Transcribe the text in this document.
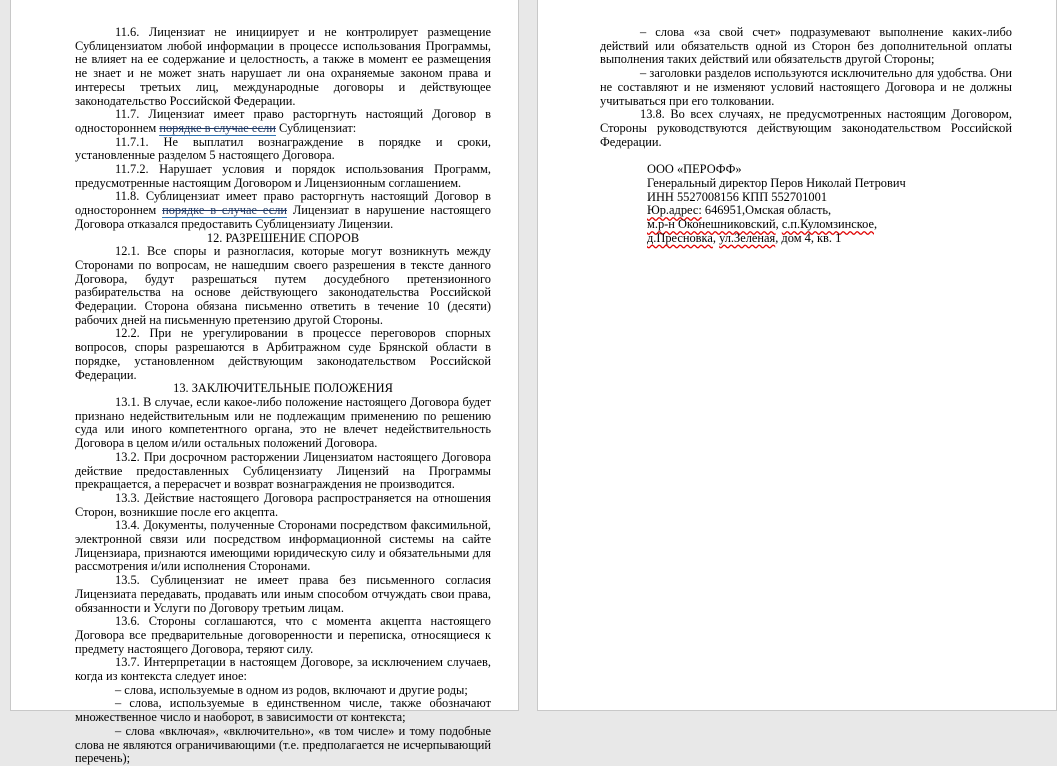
11.6. Лицензиат не инициирует и не контролирует размещение Сублицензиатом любой информации в процессе использования Программы, не влияет на ее содержание и целостность, а также в момент ее размещения не знает и не может знать нарушает ли она охраняемые законом права и интересы третьих лиц, международные договоры и действующее законодательство Российской Федерации.

11.7. Лицензиат имеет право расторгнуть настоящий Договор в одностороннем порядке в случае если Сублицензиат:

11.7.1. Не выплатил вознаграждение в порядке и сроки, установленные разделом 5 настоящего Договора.

11.7.2. Нарушает условия и порядок использования Программ, предусмотренные настоящим Договором и Лицензионным соглашением.

11.8. Сублицензиат имеет право расторгнуть настоящий Договор в одностороннем порядке в случае если Лицензиат в нарушение настоящего Договора отказался предоставить Сублицензиату Лицензии.

12. РАЗРЕШЕНИЕ СПОРОВ

12.1. Все споры и разногласия, которые могут возникнуть между Сторонами по вопросам, не нашедшим своего разрешения в тексте данного Договора, будут разрешаться путем досудебного претензионного разбирательства на основе действующего законодательства Российской Федерации. Сторона обязана письменно ответить в течение 10 (десяти) рабочих дней на письменную претензию другой Стороны.

12.2. При не урегулировании в процессе переговоров спорных вопросов, споры разрешаются в Арбитражном суде Брянской области в порядке, установленном действующим законодательством Российской Федерации.

13. ЗАКЛЮЧИТЕЛЬНЫЕ ПОЛОЖЕНИЯ

13.1. В случае, если какое-либо положение настоящего Договора будет признано недействительным или не подлежащим применению по решению суда или иного компетентного органа, это не влечет недействительность Договора в целом и/или остальных положений Договора.

13.2. При досрочном расторжении Лицензиатом настоящего Договора действие предоставленных Сублицензиату Лицензий на Программы прекращается, а перерасчет и возврат вознаграждения не производится.

13.3. Действие настоящего Договора распространяется на отношения Сторон, возникшие после его акцепта.

13.4. Документы, полученные Сторонами посредством факсимильной, электронной связи или посредством информационной системы на сайте Лицензиара, признаются имеющими юридическую силу и обязательными для рассмотрения и/или исполнения Сторонами.

13.5. Сублицензиат не имеет права без письменного согласия Лицензиата передавать, продавать или иным способом отчуждать свои права, обязанности и Услуги по Договору третьим лицам.

13.6. Стороны соглашаются, что с момента акцепта настоящего Договора все предварительные договоренности и переписка, относящиеся к предмету настоящего Договора, теряют силу.

13.7. Интерпретации в настоящем Договоре, за исключением случаев, когда из контекста следует иное:

– слова, используемые в одном из родов, включают и другие роды;

– слова, используемые в единственном числе, также обозначают множественное число и наоборот, в зависимости от контекста;

– слова «включая», «включительно», «в том числе» и тому подобные слова не являются ограничивающими (т.е. предполагается не исчерпывающий перечень);

– слова «за свой счет» подразумевают выполнение каких-либо действий или обязательств одной из Сторон без дополнительной оплаты выполнения таких действий или обязательств другой Стороны;

– заголовки разделов используются исключительно для удобства. Они не составляют и не изменяют условий настоящего Договора и не должны учитываться при его толковании.

13.8. Во всех случаях, не предусмотренных настоящим Договором, Стороны руководствуются действующим законодательством Российской Федерации.

ООО «ПЕРОФФ»
Генеральный директор Перов Николай Петрович
ИНН 5527008156 КПП 552701001
Юр.адрес: 646951,Омская область,
м.р-н Оконешниковский, с.п.Куломзинское,
д.Пресновка, ул.Зеленая, дом 4, кв. 1
